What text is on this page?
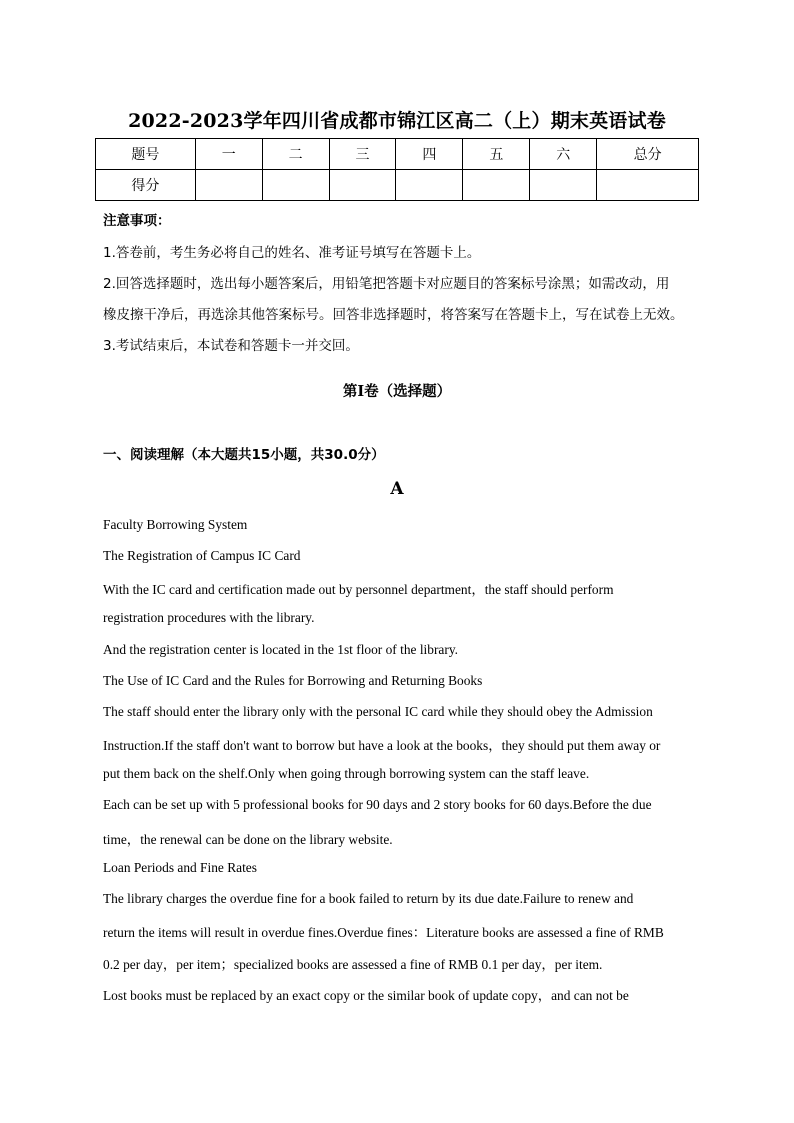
2022-2023学年四川省成都市锦江区高二（上）期末英语试卷
题号	一	二	三	四	五	六	总分
得分							
注意事项：
1.答卷前，考生务必将自己的姓名、准考证号填写在答题卡上。
2.回答选择题时，选出每小题答案后，用铅笔把答题卡对应题目的答案标号涂黑；如需改动，用
橡皮擦干净后，再选涂其他答案标号。回答非选择题时，将答案写在答题卡上，写在试卷上无效。
3.考试结束后，本试卷和答题卡一并交回。
第I卷（选择题）
一、阅读理解（本大题共15小题，共30.0分）
A
Faculty Borrowing System
The Registration of Campus IC Card
With the IC card and certification made out by personnel department，the staff should perform
registration procedures with the library.
And the registration center is located in the 1st floor of the library.
The Use of IC Card and the Rules for Borrowing and Returning Books
The staff should enter the library only with the personal IC card while they should obey the Admission
Instruction.If the staff don't want to borrow but have a look at the books，they should put them away or
put them back on the shelf.Only when going through borrowing system can the staff leave.
Each can be set up with 5 professional books for 90 days and 2 story books for 60 days.Before the due
time，the renewal can be done on the library website.
Loan Periods and Fine Rates
The library charges the overdue fine for a book failed to return by its due date.Failure to renew and
return the items will result in overdue fines.Overdue fines：Literature books are assessed a fine of RMB
0.2 per day，per item；specialized books are assessed a fine of RMB 0.1 per day，per item.
Lost books must be replaced by an exact copy or the similar book of update copy，and can not be
